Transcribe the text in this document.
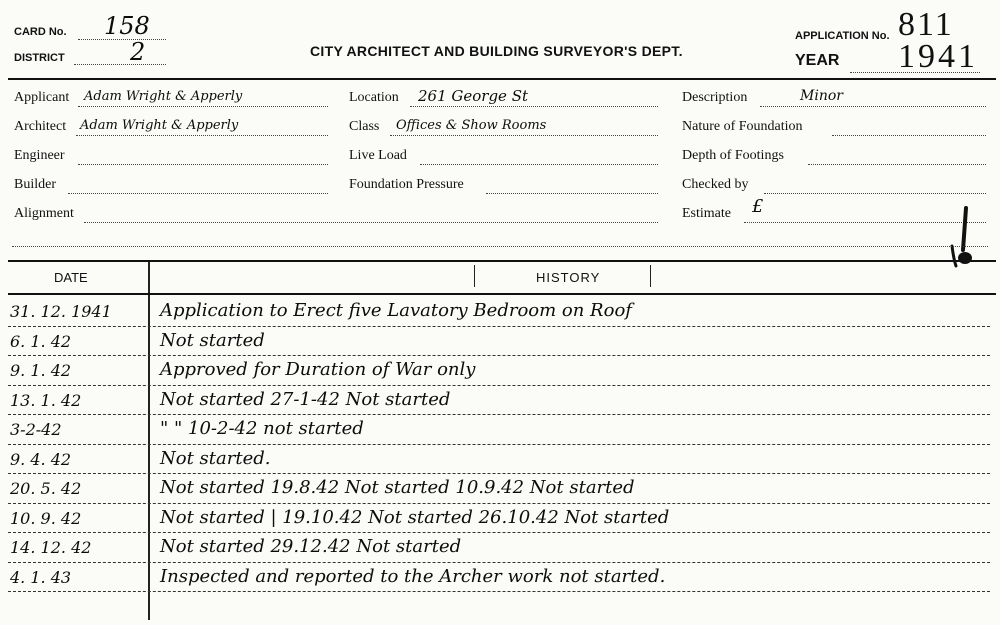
CARD No. 158
DISTRICT	2	CITY ARCHITECT AND BUILDING SURVEYOR'S DEPT.
APPLICATION No. 811
YEAR 1941
Applicant Adam Wright & Apperly
Architect Adam Wright & Apperly
Engineer
Builder
Alignment
Location 261 George St
Class Offices & Show Rooms
Live Load
Foundation Pressure
Description	Minor
Nature of Foundation
Depth of Footings
Checked by
Estimate £
DATE	HISTORY
31. 12. 1941	Application to Erect five Lavatory Bedroom on Roof
6. 1. 42	Not started
9. 1. 42	Approved for Duration of War only
13. 1. 42	Not started 27-1-42 Not started
3-2-42	" " 10-2-42 not started
9. 4. 42	Not started.
20. 5. 42	Not started 19.8.42 Not started 10.9.42 Not started
10. 9. 42	Not started | 19.10.42 Not started 26.10.42 Not started
14. 12. 42	Not started 29.12.42 Not started
4. 1. 43	Inspected and reported to the Archer work not started.
